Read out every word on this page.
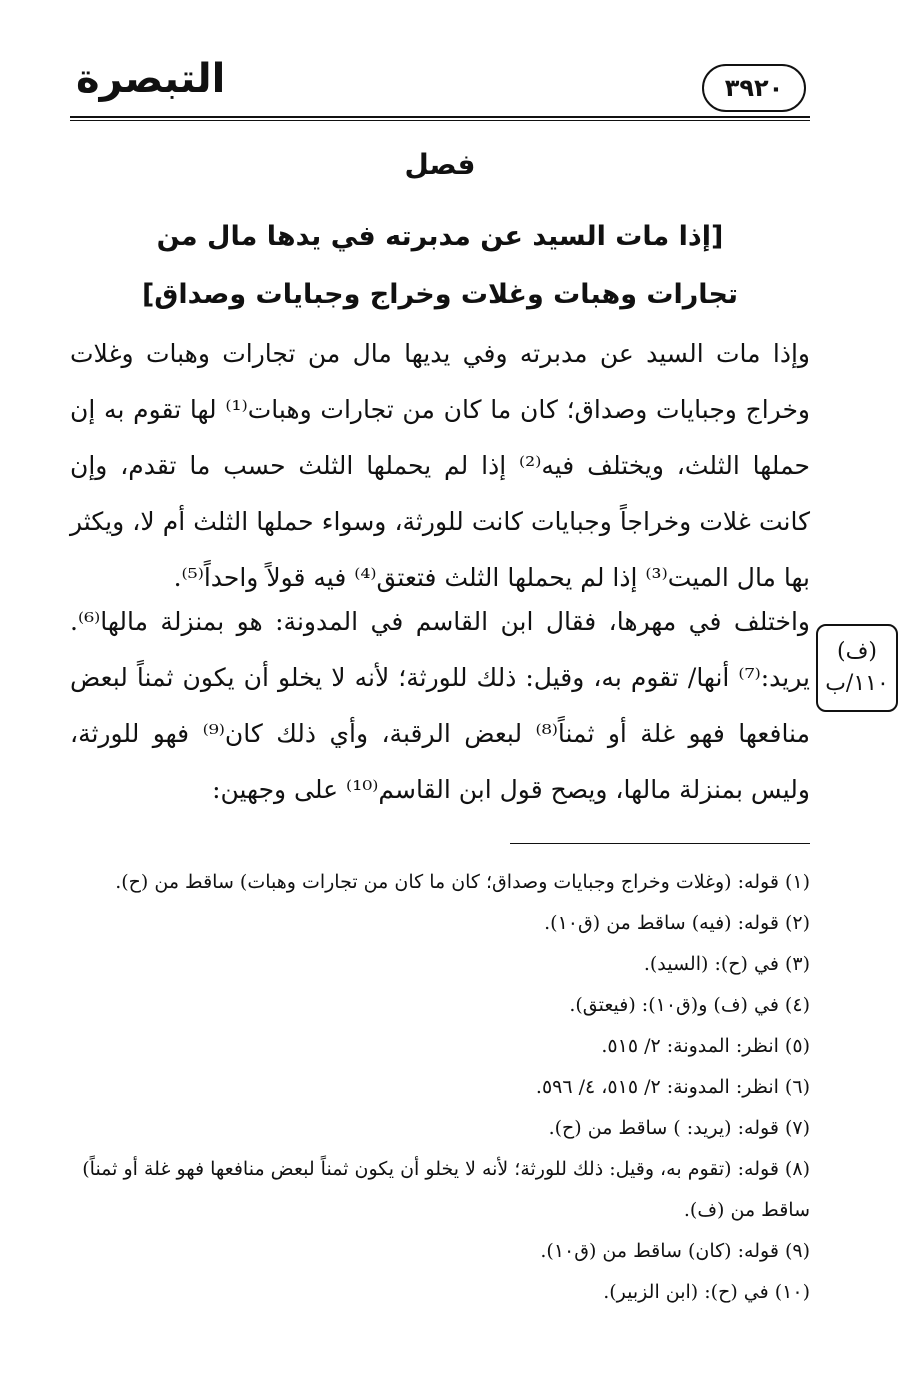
التبصرة	٣٩٢٠
فصل
[إذا مات السيد عن مدبرته في يدها مال من
تجارات وهبات وغلات وخراج وجبايات وصداق]

وإذا مات السيد عن مدبرته وفي يديها مال من تجارات وهبات وغلات وخراج وجبايات وصداق؛ كان ما كان من تجارات وهبات⁽¹⁾ لها تقوم به إن حملها الثلث، ويختلف فيه⁽²⁾ إذا لم يحملها الثلث حسب ما تقدم، وإن كانت غلات وخراجاً وجبايات كانت للورثة، وسواء حملها الثلث أم لا، ويكثر بها مال الميت⁽³⁾ إذا لم يحملها الثلث فتعتق⁽⁴⁾ فيه قولاً واحداً⁽⁵⁾.

واختلف في مهرها، فقال ابن القاسم في المدونة: هو بمنزلة مالها⁽⁶⁾. يريد:⁽⁷⁾ أنها/ تقوم به، وقيل: ذلك للورثة؛ لأنه لا يخلو أن يكون ثمناً لبعض منافعها فهو غلة أو ثمناً⁽⁸⁾ لبعض الرقبة، وأي ذلك كان⁽⁹⁾ فهو للورثة، وليس بمنزلة مالها، ويصح قول ابن القاسم⁽¹⁰⁾ على وجهين:

(ف)
١١٠/ب

(١) قوله: (وغلات وخراج وجبايات وصداق؛ كان ما كان من تجارات وهبات) ساقط من (ح).

(٢) قوله: (فيه) ساقط من (ق١٠).

(٣) في (ح): (السيد).

(٤) في (ف) و(ق١٠): (فيعتق).

(٥) انظر: المدونة: ٢/ ٥١٥.

(٦) انظر: المدونة: ٢/ ٥١٥، ٤/ ٥٩٦.

(٧) قوله: (يريد: ) ساقط من (ح).

(٨) قوله: (تقوم به، وقيل: ذلك للورثة؛ لأنه لا يخلو أن يكون ثمناً لبعض منافعها فهو غلة أو ثمناً) ساقط من (ف).

(٩) قوله: (كان) ساقط من (ق١٠).

(١٠) في (ح): (ابن الزبير).
